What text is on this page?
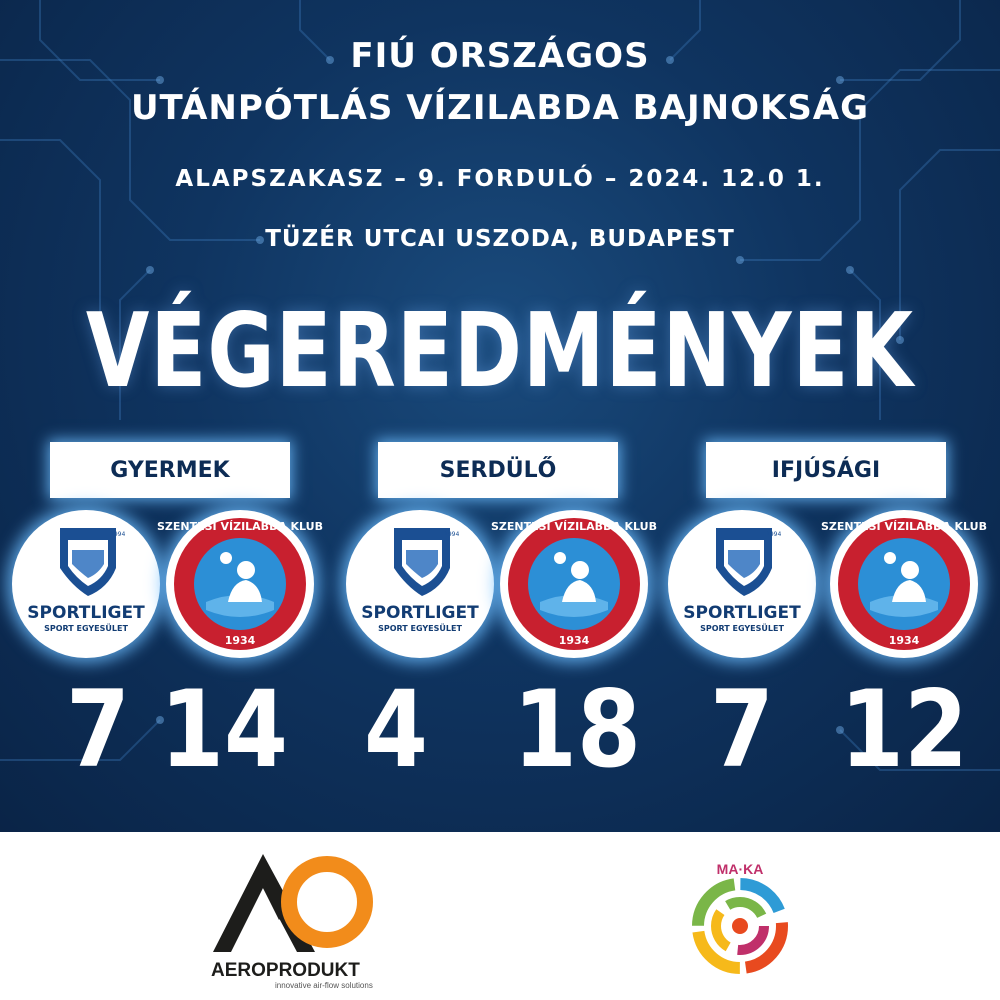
FIÚ ORSZÁGOS
UTÁNPÓTLÁS VÍZILABDA BAJNOKSÁG
ALAPSZAKASZ – 9. FORDULÓ – 2024. 12.0 1.
TÜZÉR UTCAI USZODA, BUDAPEST
VÉGEREDMÉNYEK
GYERMEK	SERDÜLŐ	IFJÚSÁGI
1994
SPORTLIGET
SPORT EGYESÜLET
SZENTESI VÍZILABDA KLUB
1934
1994
SPORTLIGET
SPORT EGYESÜLET
SZENTESI VÍZILABDA KLUB
1934
1994
SPORTLIGET
SPORT EGYESÜLET
SZENTESI VÍZILABDA KLUB
1934
7 14 4 18 7 12
AEROPRODUKT
innovative air-flow solutions
MA·KA
